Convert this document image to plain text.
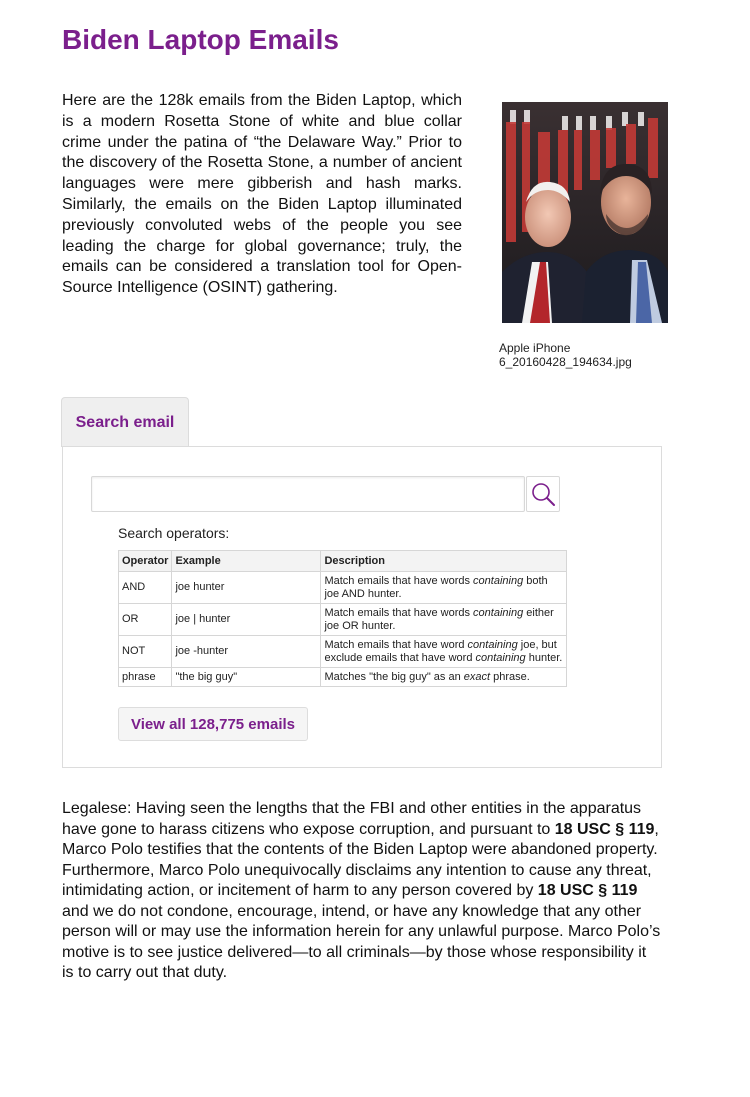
Biden Laptop Emails

Here are the 128k emails from the Biden Laptop, which is a modern Rosetta Stone of white and blue collar crime under the patina of “the Delaware Way.” Prior to the discovery of the Rosetta Stone, a number of ancient languages were mere gibberish and hash marks. Similarly, the emails on the Biden Laptop illuminated previously convoluted webs of the people you see leading the charge for global governance; truly, the emails can be considered a translation tool for Open-Source Intelligence (OSINT) gathering.

Apple iPhone
6_20160428_194634.jpg
Search email
Search operators:
Operator	Example	Description
AND	joe hunter	Match emails that have words containing both joe AND hunter.
OR	joe | hunter	Match emails that have words containing either joe OR hunter.
NOT	joe -hunter	Match emails that have word containing joe, but exclude emails that have word containing hunter.
phrase	"the big guy"	Matches "the big guy" as an exact phrase.
View all 128,775 emails

Legalese: Having seen the lengths that the FBI and other entities in the apparatus have gone to harass citizens who expose corruption, and pursuant to 18 USC § 119, Marco Polo testifies that the contents of the Biden Laptop were abandoned property. Furthermore, Marco Polo unequivocally disclaims any intention to cause any threat, intimidating action, or incitement of harm to any person covered by 18 USC § 119 and we do not condone, encourage, intend, or have any knowledge that any other person will or may use the information herein for any unlawful purpose. Marco Polo’s motive is to see justice delivered—to all criminals—by those whose responsibility it is to carry out that duty.
